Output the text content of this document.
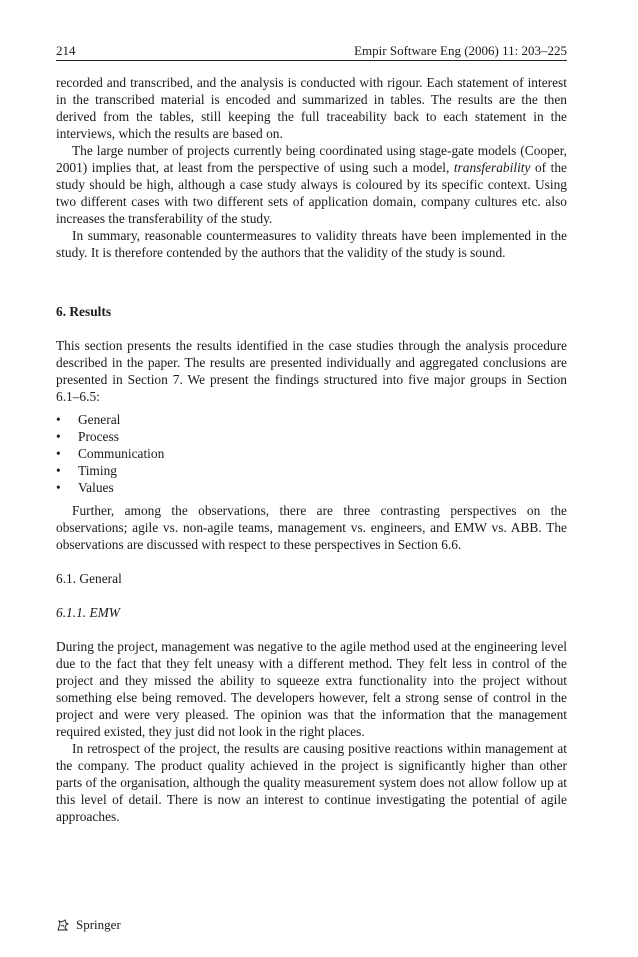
214	Empir Software Eng (2006) 11: 203–225

recorded and transcribed, and the analysis is conducted with rigour. Each statement of interest in the transcribed material is encoded and summarized in tables. The results are the then derived from the tables, still keeping the full traceability back to each statement in the interviews, which the results are based on.

The large number of projects currently being coordinated using stage-gate models (Cooper, 2001) implies that, at least from the perspective of using such a model, transferability of the study should be high, although a case study always is coloured by its specific context. Using two different cases with two different sets of application domain, company cultures etc. also increases the transferability of the study.

In summary, reasonable countermeasures to validity threats have been implemented in the study. It is therefore contended by the authors that the validity of the study is sound.

6. Results

This section presents the results identified in the case studies through the analysis procedure described in the paper. The results are presented individually and aggregated conclusions are presented in Section 7. We present the findings structured into five major groups in Section 6.1–6.5:

• General
• Process
• Communication
• Timing
• Values

Further, among the observations, there are three contrasting perspectives on the observations; agile vs. non-agile teams, management vs. engineers, and EMW vs. ABB. The observations are discussed with respect to these perspectives in Section 6.6.

6.1. General

6.1.1. EMW

During the project, management was negative to the agile method used at the engineering level due to the fact that they felt uneasy with a different method. They felt less in control of the project and they missed the ability to squeeze extra functionality into the project without something else being removed. The developers however, felt a strong sense of control in the project and were very pleased. The opinion was that the information that the management required existed, they just did not look in the right places.

In retrospect of the project, the results are causing positive reactions within management at the company. The product quality achieved in the project is significantly higher than other parts of the organisation, although the quality measurement system does not allow follow up at this level of detail. There is now an interest to continue investigating the potential of agile approaches.

Springer
